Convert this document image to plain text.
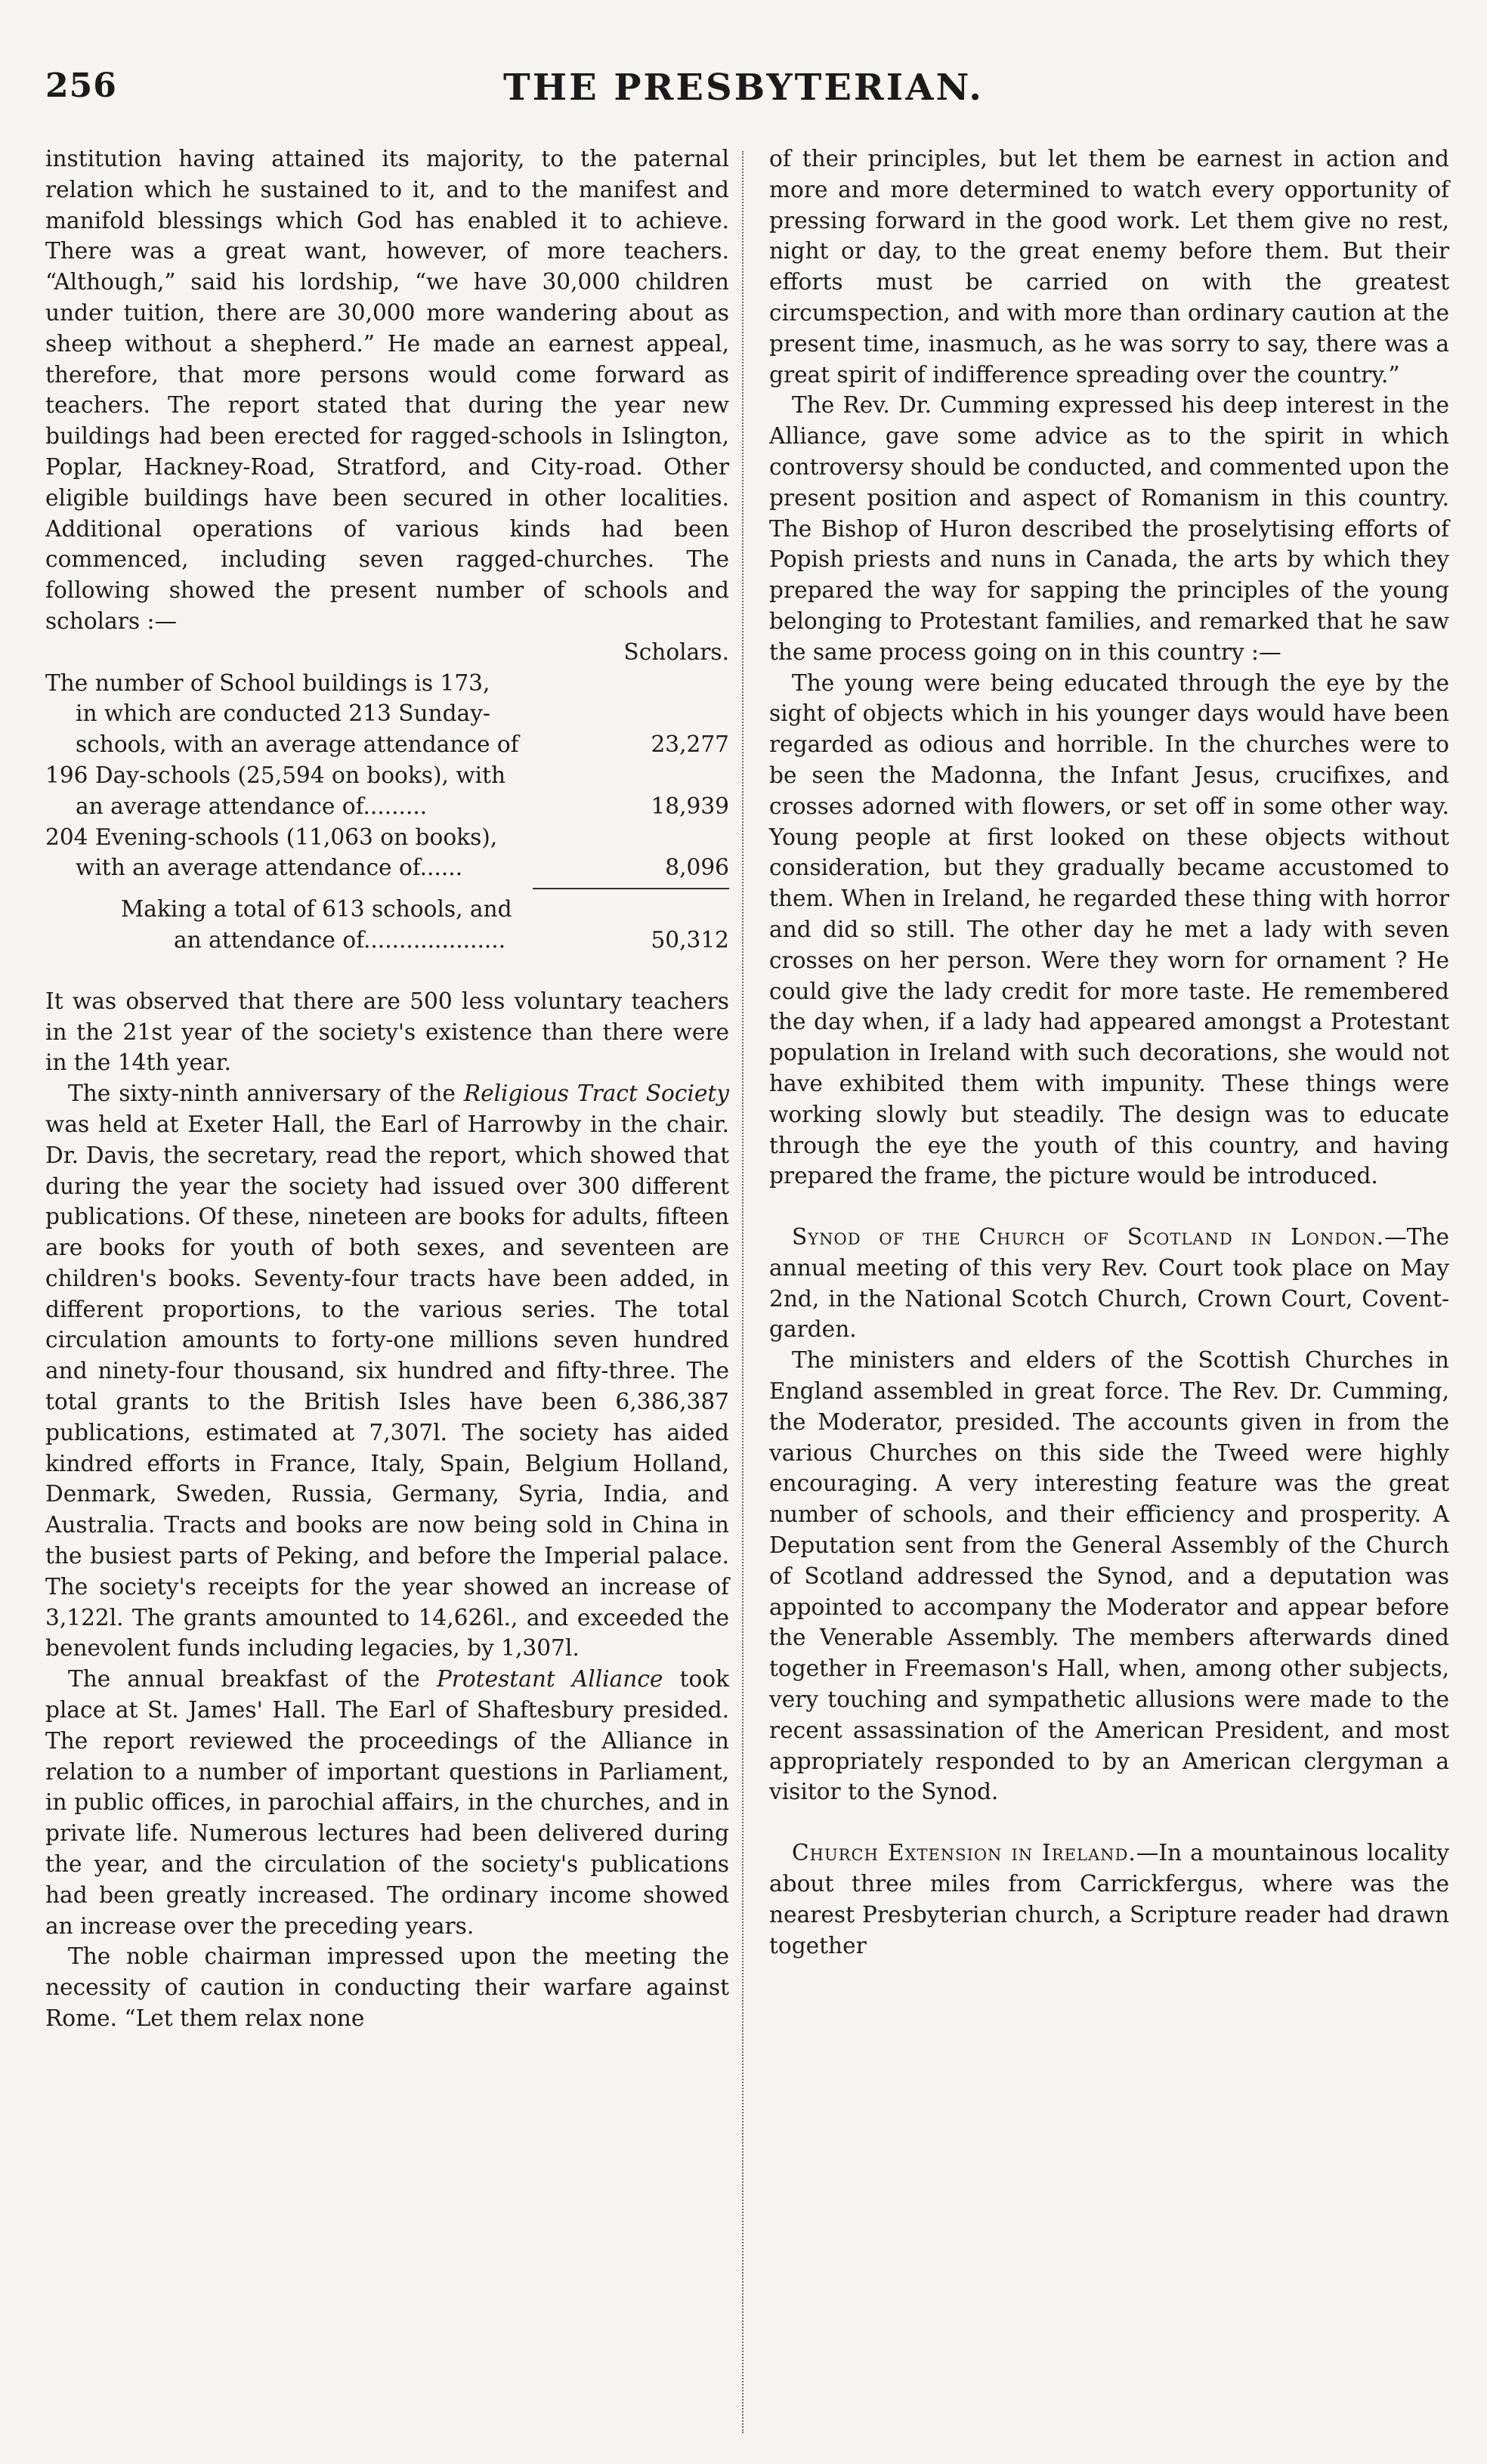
256	THE PRESBYTERIAN.

institution having attained its majority, to the paternal relation which he sustained to it, and to the manifest and manifold blessings which God has enabled it to achieve. There was a great want, however, of more teachers. “Although,” said his lordship, “we have 30,000 children under tuition, there are 30,000 more wandering about as sheep without a shepherd.” He made an earnest appeal, therefore, that more persons would come forward as teachers. The report stated that during the year new buildings had been erected for ragged-schools in Islington, Poplar, Hackney-Road, Stratford, and City-road. Other eligible buildings have been secured in other localities. Additional operations of various kinds had been commenced, including seven ragged-churches. The following showed the present number of schools and scholars :—

Scholars.
The number of School buildings is 173,
in which are conducted 213 Sunday-
schools, with an average attendance of	23,277
196 Day-schools (25,594 on books), with
an average attendance of.........	18,939
204 Evening-schools (11,063 on books),
with an average attendance of......	8,096
Making a total of 613 schools, and
an attendance of....................	50,312

It was observed that there are 500 less voluntary teachers in the 21st year of the society's existence than there were in the 14th year.

The sixty-ninth anniversary of the Religious Tract Society was held at Exeter Hall, the Earl of Harrowby in the chair. Dr. Davis, the secretary, read the report, which showed that during the year the society had issued over 300 different publications. Of these, nineteen are books for adults, fifteen are books for youth of both sexes, and seventeen are children's books. Seventy-four tracts have been added, in different proportions, to the various series. The total circulation amounts to forty-one millions seven hundred and ninety-four thousand, six hundred and fifty-three. The total grants to the British Isles have been 6,386,387 publications, estimated at 7,307l. The society has aided kindred efforts in France, Italy, Spain, Belgium Holland, Denmark, Sweden, Russia, Germany, Syria, India, and Australia. Tracts and books are now being sold in China in the busiest parts of Peking, and before the Imperial palace. The society's receipts for the year showed an increase of 3,122l. The grants amounted to 14,626l., and exceeded the benevolent funds including legacies, by 1,307l.

The annual breakfast of the Protestant Alliance took place at St. James' Hall. The Earl of Shaftesbury presided. The report reviewed the proceedings of the Alliance in relation to a number of important questions in Parliament, in public offices, in parochial affairs, in the churches, and in private life. Numerous lectures had been delivered during the year, and the circulation of the society's publications had been greatly increased. The ordinary income showed an increase over the preceding years.

The noble chairman impressed upon the meeting the necessity of caution in conducting their warfare against Rome. “Let them relax none

of their principles, but let them be earnest in action and more and more determined to watch every opportunity of pressing forward in the good work. Let them give no rest, night or day, to the great enemy before them. But their efforts must be carried on with the greatest circumspection, and with more than ordinary caution at the present time, inasmuch, as he was sorry to say, there was a great spirit of indifference spreading over the country.”

The Rev. Dr. Cumming expressed his deep interest in the Alliance, gave some advice as to the spirit in which controversy should be conducted, and commented upon the present position and aspect of Romanism in this country. The Bishop of Huron described the proselytising efforts of Popish priests and nuns in Canada, the arts by which they prepared the way for sapping the principles of the young belonging to Protestant families, and remarked that he saw the same process going on in this country :—

The young were being educated through the eye by the sight of objects which in his younger days would have been regarded as odious and horrible. In the churches were to be seen the Madonna, the Infant Jesus, crucifixes, and crosses adorned with flowers, or set off in some other way. Young people at first looked on these objects without consideration, but they gradually became accustomed to them. When in Ireland, he regarded these thing with horror and did so still. The other day he met a lady with seven crosses on her person. Were they worn for ornament ? He could give the lady credit for more taste. He remembered the day when, if a lady had appeared amongst a Protestant population in Ireland with such decorations, she would not have exhibited them with impunity. These things were working slowly but steadily. The design was to educate through the eye the youth of this country, and having prepared the frame, the picture would be introduced.

Synod of the Church of Scotland in London.—The annual meeting of this very Rev. Court took place on May 2nd, in the National Scotch Church, Crown Court, Covent-garden.

The ministers and elders of the Scottish Churches in England assembled in great force. The Rev. Dr. Cumming, the Moderator, presided. The accounts given in from the various Churches on this side the Tweed were highly encouraging. A very interesting feature was the great number of schools, and their efficiency and prosperity. A Deputation sent from the General Assembly of the Church of Scotland addressed the Synod, and a deputation was appointed to accompany the Moderator and appear before the Venerable Assembly. The members afterwards dined together in Freemason's Hall, when, among other subjects, very touching and sympathetic allusions were made to the recent assassination of the American President, and most appropriately responded to by an American clergyman a visitor to the Synod.

Church Extension in Ireland.—In a mountainous locality about three miles from Carrickfergus, where was the nearest Presbyterian church, a Scripture reader had drawn together
